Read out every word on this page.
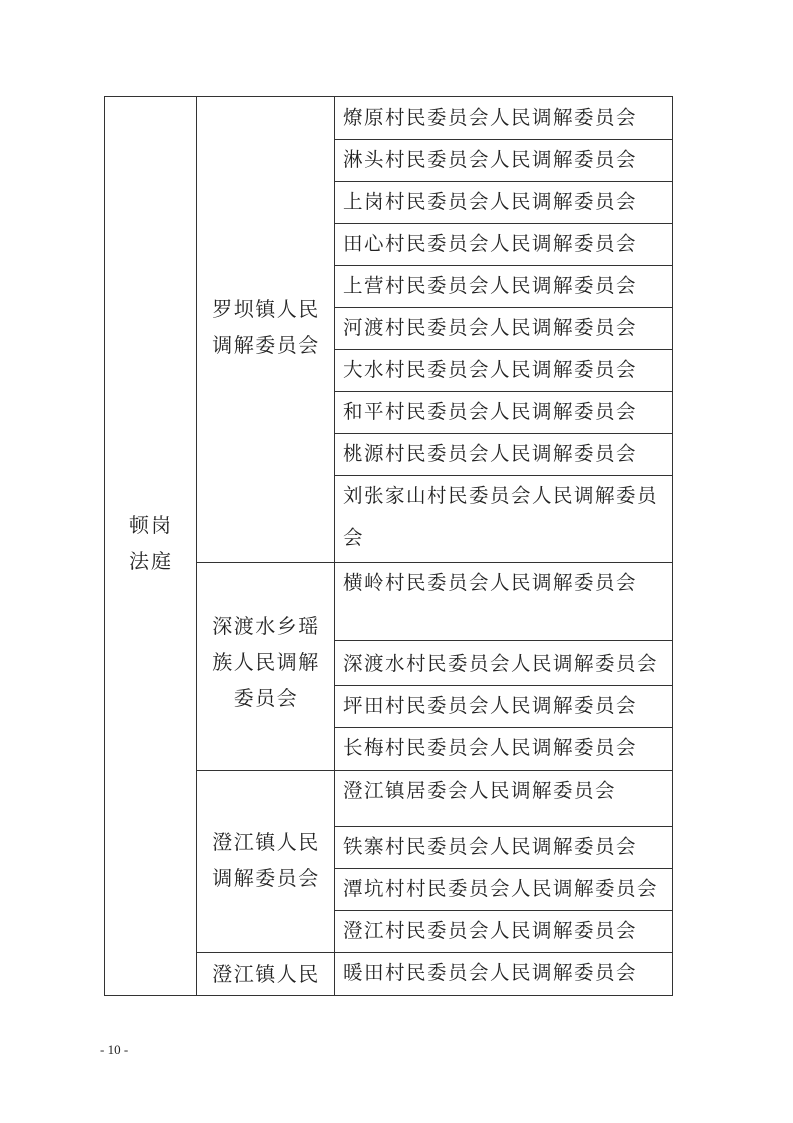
顿岗
法庭
罗坝镇人民
调解委员会
深渡水乡瑶
族人民调解
委员会
澄江镇人民
调解委员会
澄江镇人民
燎原村民委员会人民调解委员会
淋头村民委员会人民调解委员会
上岗村民委员会人民调解委员会
田心村民委员会人民调解委员会
上营村民委员会人民调解委员会
河渡村民委员会人民调解委员会
大水村民委员会人民调解委员会
和平村民委员会人民调解委员会
桃源村民委员会人民调解委员会
刘张家山村民委员会人民调解委员
会
横岭村民委员会人民调解委员会
深渡水村民委员会人民调解委员会
坪田村民委员会人民调解委员会
长梅村民委员会人民调解委员会
澄江镇居委会人民调解委员会
铁寨村民委员会人民调解委员会
潭坑村村民委员会人民调解委员会
澄江村民委员会人民调解委员会
暖田村民委员会人民调解委员会
- 10 -
